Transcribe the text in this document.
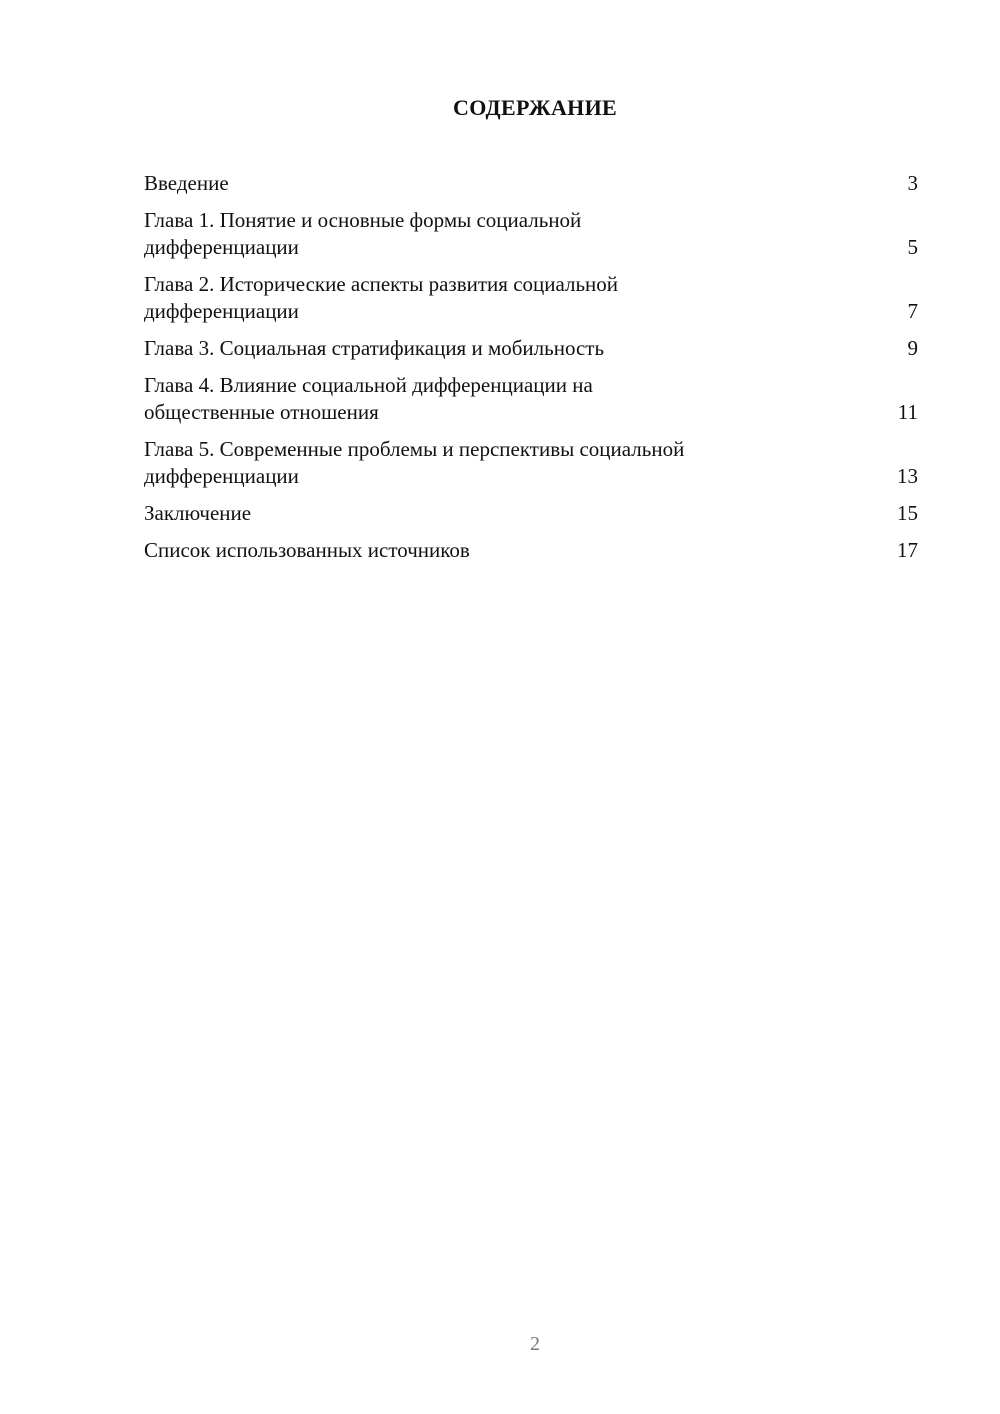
СОДЕРЖАНИЕ
Введение	3
Глава 1. Понятие и основные формы социальной
дифференциации	5
Глава 2. Исторические аспекты развития социальной
дифференциации	7
Глава 3. Социальная стратификация и мобильность	9
Глава 4. Влияние социальной дифференциации на
общественные отношения	11
Глава 5. Современные проблемы и перспективы социальной
дифференциации	13
Заключение	15
Список использованных источников	17
2
